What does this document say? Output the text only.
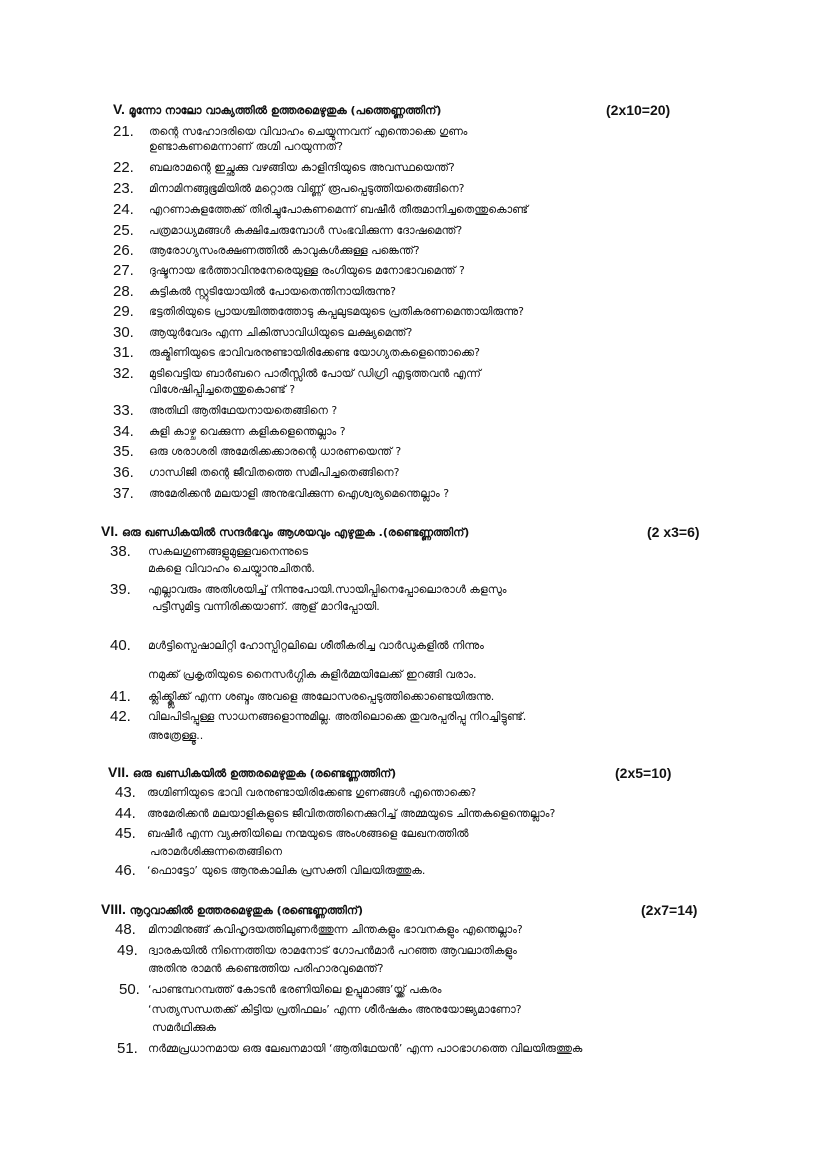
V. മൂന്നോ നാലോ വാക്യത്തിൽ ഉത്തരമെഴുതുക (പത്തെണ്ണത്തിന്)	(2x10=20)
21. തന്റെ സഹോദരിയെ വിവാഹം ചെയ്യുന്നവന് എന്തൊക്കെ ഗുണം
ഉണ്ടാകണമെന്നാണ് രുഗ്മി പറയുന്നത്?
22. ബലരാമന്റെ ഇച്ഛക്കു വഴങ്ങിയ കാളിന്ദിയുടെ അവസ്ഥയെന്ത്?
23. മിനാമിനങ്ങുഭൂമിയിൽ മറ്റൊരു വിണ്ണ് രൂപപ്പെടുത്തിയതെങ്ങിനെ?
24. എറണാകുളത്തേക്ക് തിരിച്ചുപോകണമെന്ന് ബഷീർ തീരുമാനിച്ചതെന്തുകൊണ്ട്
25. പത്രമാധ്യമങ്ങൾ കക്ഷിചേരുമ്പോൾ സംഭവിക്കുന്ന ദോഷമെന്ത്?
26. ആരോഗ്യസംരക്ഷണത്തിൽ കാവുകൾക്കുള്ള പങ്കെന്ത്?
27. ദുഷ്ടനായ ഭർത്താവിനുനേരെയുള്ള രംഗിയുടെ മനോഭാവമെന്ത് ?
28. കുട്ടികൽ സ്റ്റുടിയോയിൽ പോയതെന്തിനായിരുന്നു?
29. ഭട്ടതിരിയുടെ പ്രായശ്ചിത്തത്തോടു കപ്പലുടമയുടെ പ്രതികരണമെന്തായിരുന്നു?
30. ആയുർവേദം എന്ന ചികിത്സാവിധിയുടെ ലക്ഷ്യമെന്ത്?
31. രുക്മിണിയുടെ ഭാവിവരനുണ്ടായിരിക്കേണ്ട യോഗ്യതകളെന്തൊക്കെ?
32. മുടിവെട്ടിയ ബാർബറെ പാരീസ്സിൽ പോയ് ഡിഗ്രി എടുത്തവൻ എന്ന്
വിശേഷിപ്പിച്ചതെന്തുകൊണ്ട് ?
33. അതിഥി ആതിഥേയനായതെങ്ങിനെ ?
34. കുളി കാഴ്ച വെക്കുന്ന കളികളെന്തെല്ലാം ?
35. ഒരു ശരാശരി അമേരിക്കക്കാരന്റെ ധാരണയെന്ത് ?
36. ഗാന്ധിജി തന്റെ ജീവിതത്തെ സമീപിച്ചതെങ്ങിനെ?
37. അമേരിക്കൻ മലയാളി അനുഭവിക്കുന്ന ഐശ്വര്യമെന്തെല്ലാം ?
VI. ഒരു ഖണ്ഡികയിൽ സന്ദർഭവും ആശയവും എഴുതുക .(രണ്ടെണ്ണത്തിന്)	(2 x3=6)
38. സകലഗുണങ്ങളുമുള്ളവനെന്നുടെ
മകളെ വിവാഹം ചെയ്വാനുചിതൻ.
39. എല്ലാവരും അതിശയിച്ച് നിന്നുപോയി.സായിപ്പിനെപ്പോലൊരാൾ കളസും
പട്ടീസുമിട്ട വന്നിരിക്കയാണ്. ആള് മാറിപ്പോയി.
40. മൾട്ടിസ്പെഷാലിറ്റി ഹോസ്പിറ്റലിലെ ശീതീകരിച്ച വാർഡുകളിൽ നിന്നും
നമുക്ക് പ്രകൃതിയുടെ നൈസർഗ്ഗിക കുളിർമ്മയിലേക്ക് ഇറങ്ങി വരാം.
41. ക്ലിക്ക്ക്ലിക്ക് എന്ന ശബ്ദം അവളെ അലോസരപ്പെടുത്തിക്കൊണ്ടെയിരുന്നു.
42. വിലപിടിപ്പുള്ള സാധനങ്ങളൊന്നുമില്ല. അതിലൊക്കെ തുവരപ്പരിപ്പു നിറച്ചിട്ടുണ്ട്.
അത്രേള്ളൂ..
VII. ഒരു ഖണ്ഡികയിൽ ഉത്തരമെഴുതുക (രണ്ടെണ്ണത്തിന്)	(2x5=10)
43. രുഗ്മിണിയുടെ ഭാവി വരനുണ്ടായിരിക്കേണ്ട ഗുണങ്ങൾ എന്തൊക്കെ?
44. അമേരിക്കൻ മലയാളികളുടെ ജീവിതത്തിനെക്കുറിച്ച് അമ്മയുടെ ചിന്തകളെന്തെല്ലാം?
45. ബഷീർ എന്ന വ്യക്തിയിലെ നന്മയുടെ അംശങ്ങളെ ലേഖനത്തിൽ
പരാമർശിക്കുന്നതെങ്ങിനെ
46. ‘ഫൊട്ടോ’ യുടെ ആനുകാലിക പ്രസക്തി വിലയിരുത്തുക.
VIII. നൂറുവാക്കിൽ ഉത്തരമെഴുതുക (രണ്ടെണ്ണത്തിന്)	(2x7=14)
48. മിനാമിനുങ്ങ് കവിഹൃദയത്തിലുണർത്തുന്ന ചിന്തകളും ഭാവനകളും എന്തെല്ലാം?
49. ദ്വാരകയിൽ നിന്നെത്തിയ രാമനോട് ഗോപൻമാർ പറഞ്ഞ ആവലാതികളും
അതിനു രാമൻ കണ്ടെത്തിയ പരിഹാരവുമെന്ത്?
50. ‘പാണ്ടമ്പറമ്പത്ത് കോടൻ ഭരണിയിലെ ഉപ്പുമാങ്ങ’യ്ക്ക് പകരം
‘സത്യസന്ധതക്ക് കിട്ടിയ പ്രതിഫലം’ എന്ന ശീർഷകം അനുയോജ്യമാണോ?
സമർഥിക്കുക
51. നർമ്മപ്രധാനമായ ഒരു ലേഖനമായി ‘ആതിഥേയൻ’ എന്ന പാഠഭാഗത്തെ വിലയിരുത്തുക
